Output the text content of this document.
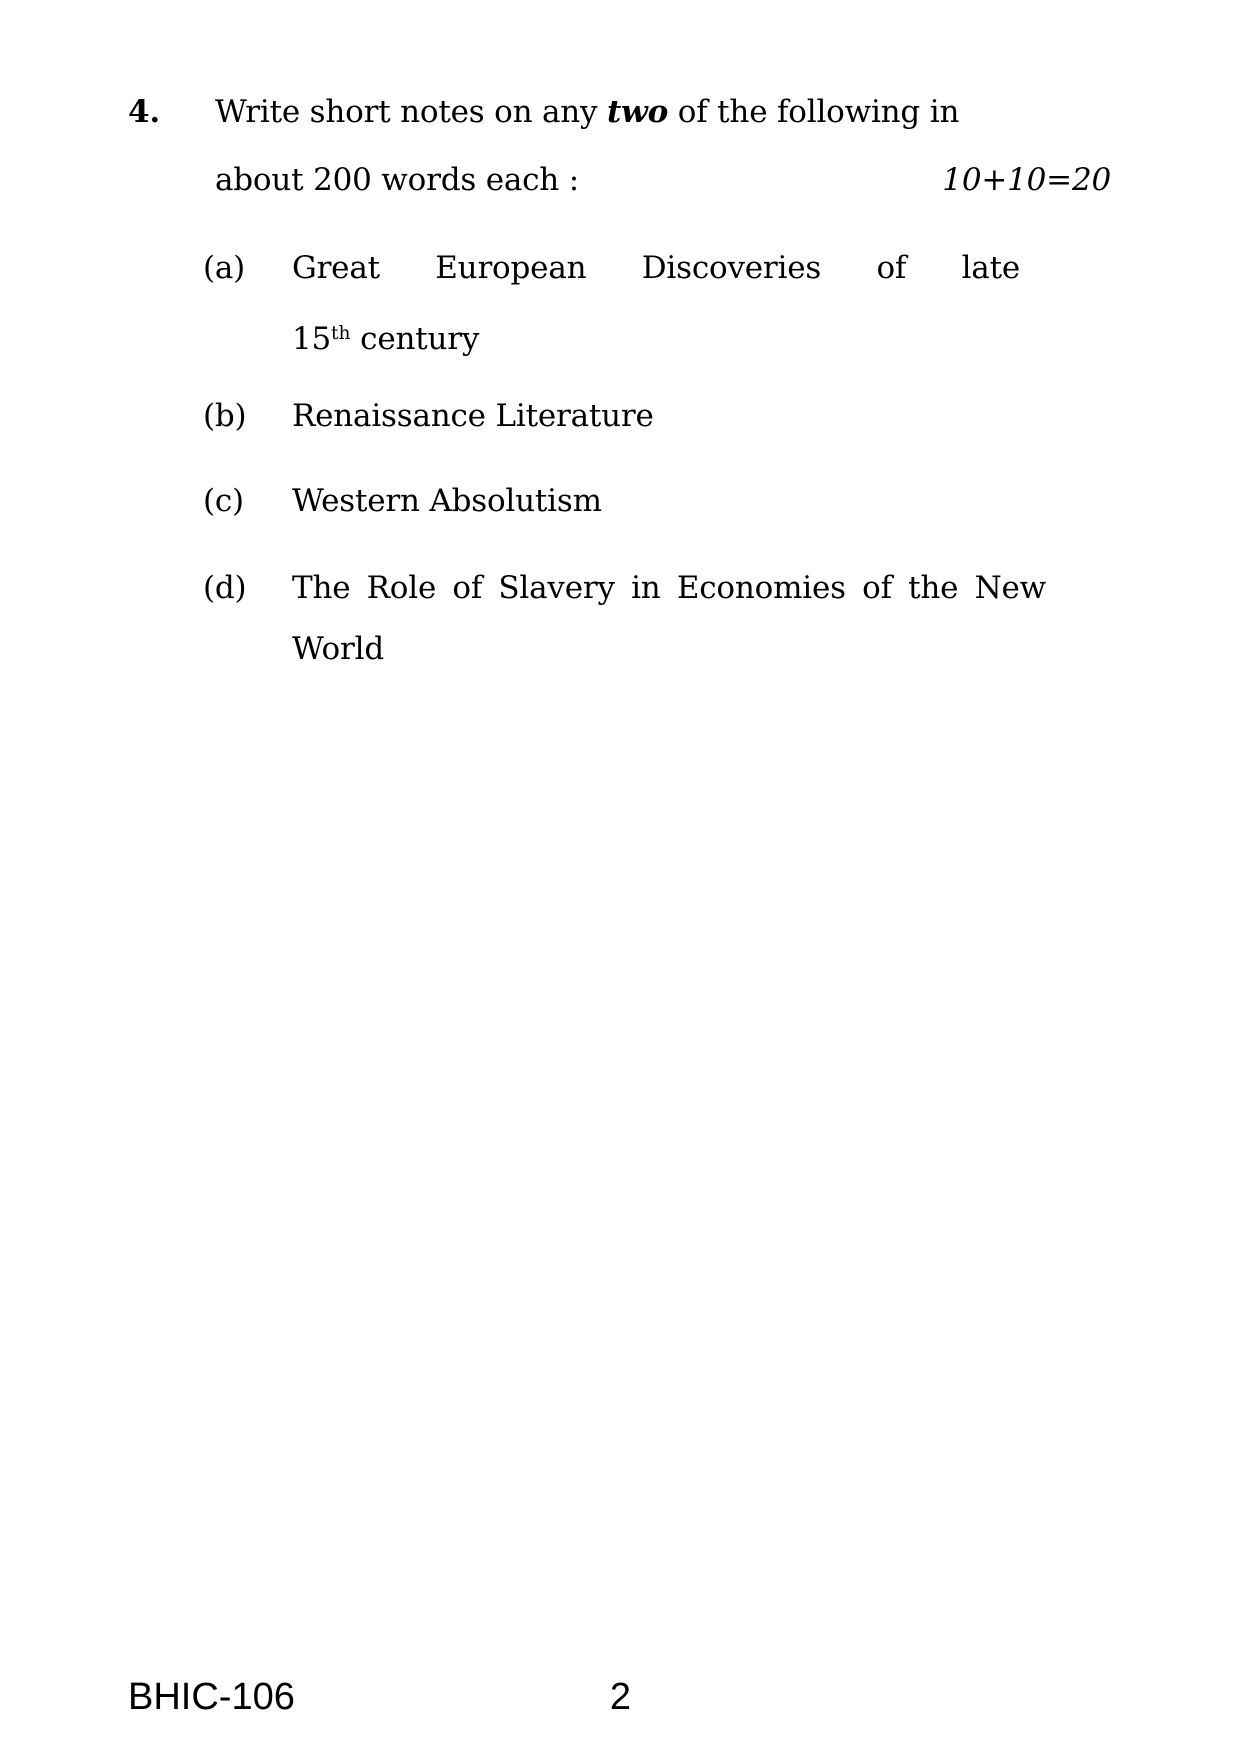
4. Write short notes on any two of the following in
about 200 words each :	10+10=20
(a) Great European Discoveries of late
15th century
(b) Renaissance Literature
(c) Western Absolutism
(d) The Role of Slavery in Economies of the New
World
BHIC-106	2
